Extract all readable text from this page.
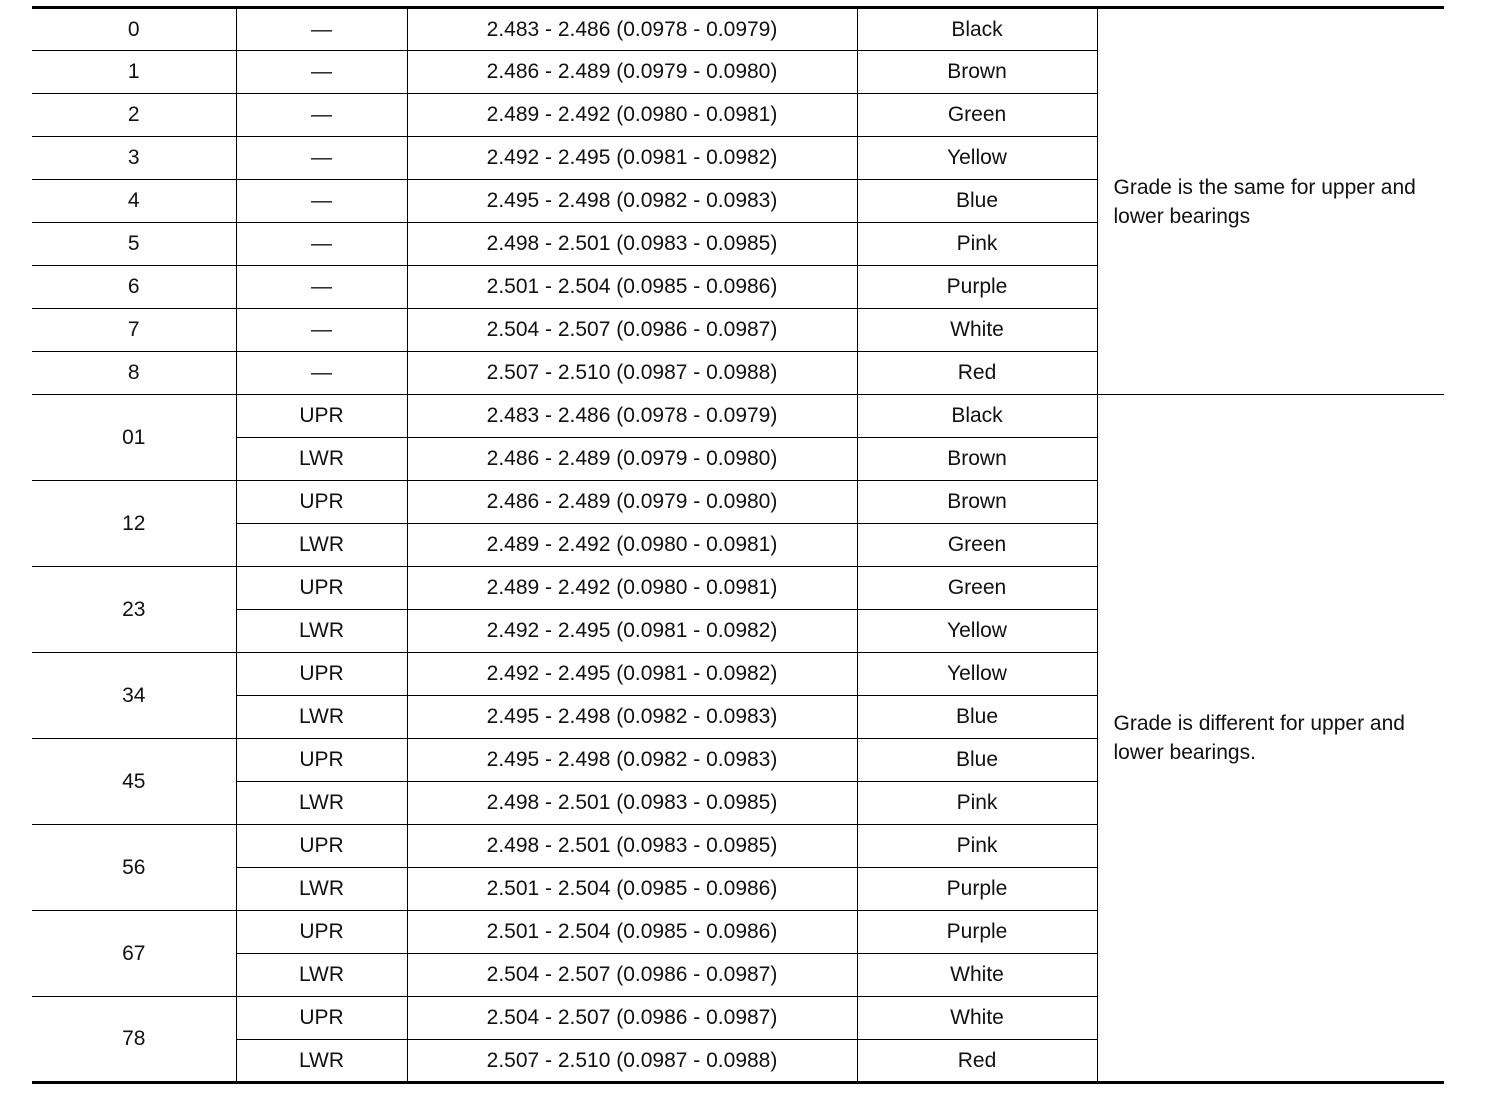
0	—	2.483 - 2.486 (0.0978 - 0.0979)	Black	Grade is the same for upper and lower bearings
1	—	2.486 - 2.489 (0.0979 - 0.0980)	Brown	
2	—	2.489 - 2.492 (0.0980 - 0.0981)	Green	
3	—	2.492 - 2.495 (0.0981 - 0.0982)	Yellow	
4	—	2.495 - 2.498 (0.0982 - 0.0983)	Blue	
5	—	2.498 - 2.501 (0.0983 - 0.0985)	Pink	
6	—	2.501 - 2.504 (0.0985 - 0.0986)	Purple	
7	—	2.504 - 2.507 (0.0986 - 0.0987)	White	
8	—	2.507 - 2.510 (0.0987 - 0.0988)	Red	
01	UPR	2.483 - 2.486 (0.0978 - 0.0979)	Black	Grade is different for upper and lower bearings.
	LWR	2.486 - 2.489 (0.0979 - 0.0980)	Brown	
12	UPR	2.486 - 2.489 (0.0979 - 0.0980)	Brown	
	LWR	2.489 - 2.492 (0.0980 - 0.0981)	Green	
23	UPR	2.489 - 2.492 (0.0980 - 0.0981)	Green	
	LWR	2.492 - 2.495 (0.0981 - 0.0982)	Yellow	
34	UPR	2.492 - 2.495 (0.0981 - 0.0982)	Yellow	
	LWR	2.495 - 2.498 (0.0982 - 0.0983)	Blue	
45	UPR	2.495 - 2.498 (0.0982 - 0.0983)	Blue	
	LWR	2.498 - 2.501 (0.0983 - 0.0985)	Pink	
56	UPR	2.498 - 2.501 (0.0983 - 0.0985)	Pink	
	LWR	2.501 - 2.504 (0.0985 - 0.0986)	Purple	
67	UPR	2.501 - 2.504 (0.0985 - 0.0986)	Purple	
	LWR	2.504 - 2.507 (0.0986 - 0.0987)	White	
78	UPR	2.504 - 2.507 (0.0986 - 0.0987)	White	
	LWR	2.507 - 2.510 (0.0987 - 0.0988)	Red	
